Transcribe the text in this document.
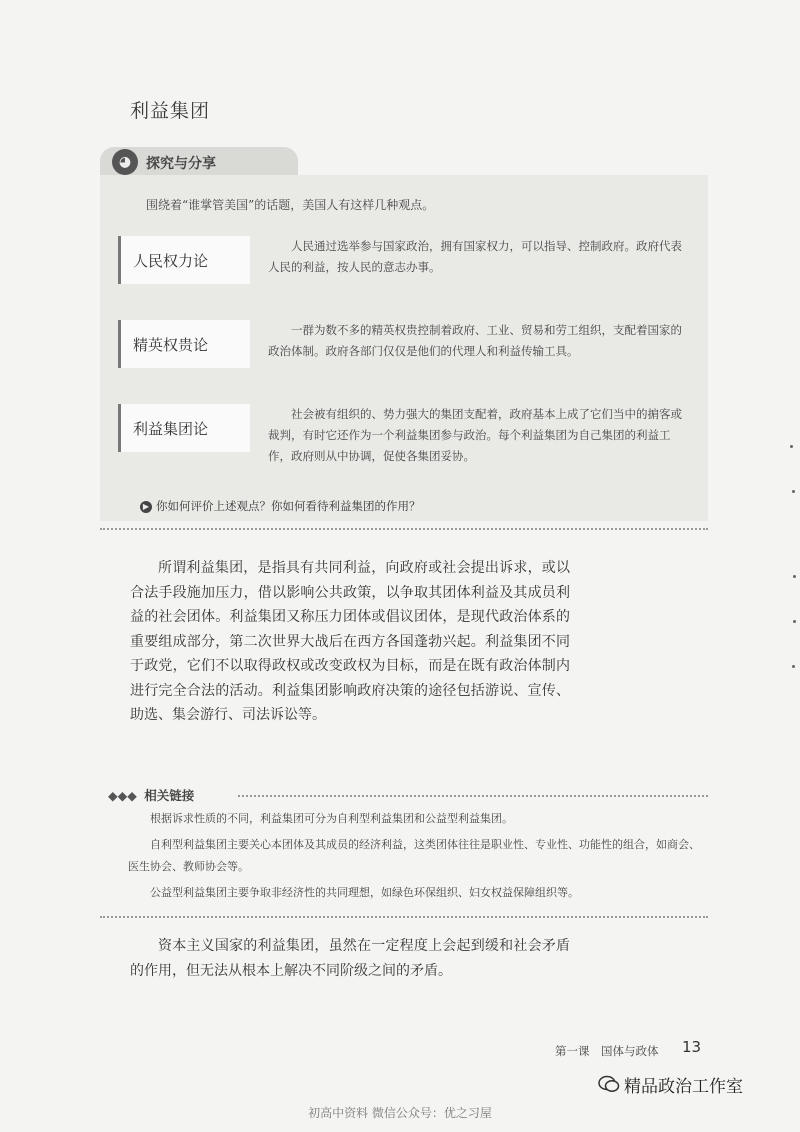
利益集团
◕	探究与分享
围绕着“谁掌管美国”的话题，美国人有这样几种观点。
人民权力论
人民通过选举参与国家政治，拥有国家权力，可以指导、控制政府。政府代表人民的利益，按人民的意志办事。
精英权贵论
一群为数不多的精英权贵控制着政府、工业、贸易和劳工组织，支配着国家的政治体制。政府各部门仅仅是他们的代理人和利益传输工具。
利益集团论
社会被有组织的、势力强大的集团支配着，政府基本上成了它们当中的掮客或裁判，有时它还作为一个利益集团参与政治。每个利益集团为自己集团的利益工作，政府则从中协调，促使各集团妥协。
▶ 你如何评价上述观点？你如何看待利益集团的作用？
所谓利益集团，是指具有共同利益，向政府或社会提出诉求，或以合法手段施加压力，借以影响公共政策，以争取其团体利益及其成员利益的社会团体。利益集团又称压力团体或倡议团体，是现代政治体系的重要组成部分，第二次世界大战后在西方各国蓬勃兴起。利益集团不同于政党，它们不以取得政权或改变政权为目标，而是在既有政治体制内进行完全合法的活动。利益集团影响政府决策的途径包括游说、宣传、助选、集会游行、司法诉讼等。
◆◆◆ 相关链接
根据诉求性质的不同，利益集团可分为自利型利益集团和公益型利益集团。
自利型利益集团主要关心本团体及其成员的经济利益，这类团体往往是职业性、专业性、功能性的组合，如商会、医生协会、教师协会等。
公益型利益集团主要争取非经济性的共同理想，如绿色环保组织、妇女权益保障组织等。
资本主义国家的利益集团，虽然在一定程度上会起到缓和社会矛盾的作用，但无法从根本上解决不同阶级之间的矛盾。
第一课　国体与政体 13
精品政治工作室
初高中资料 微信公众号：优之习屋
